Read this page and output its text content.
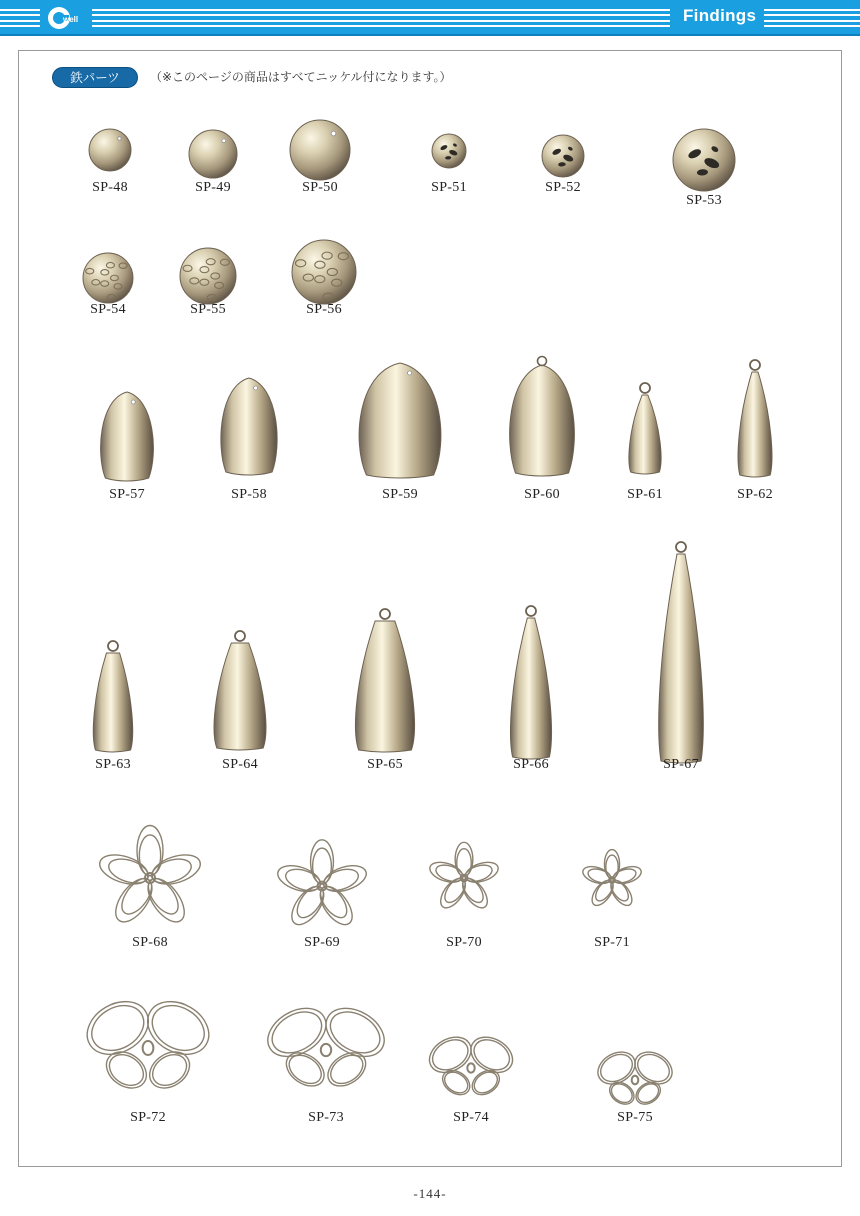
well	Findings
鉄パーツ	（※このページの商品はすべてニッケル付になります。）
SP-48	SP-49	SP-50	SP-51	SP-52
SP-53
SP-54	SP-55	SP-56
SP-57	SP-58	SP-59	SP-60	SP-61	SP-62
SP-63	SP-64	SP-65	SP-66	SP-67
SP-68	SP-69	SP-70	SP-71
SP-72	SP-73	SP-74	SP-75
-144-
